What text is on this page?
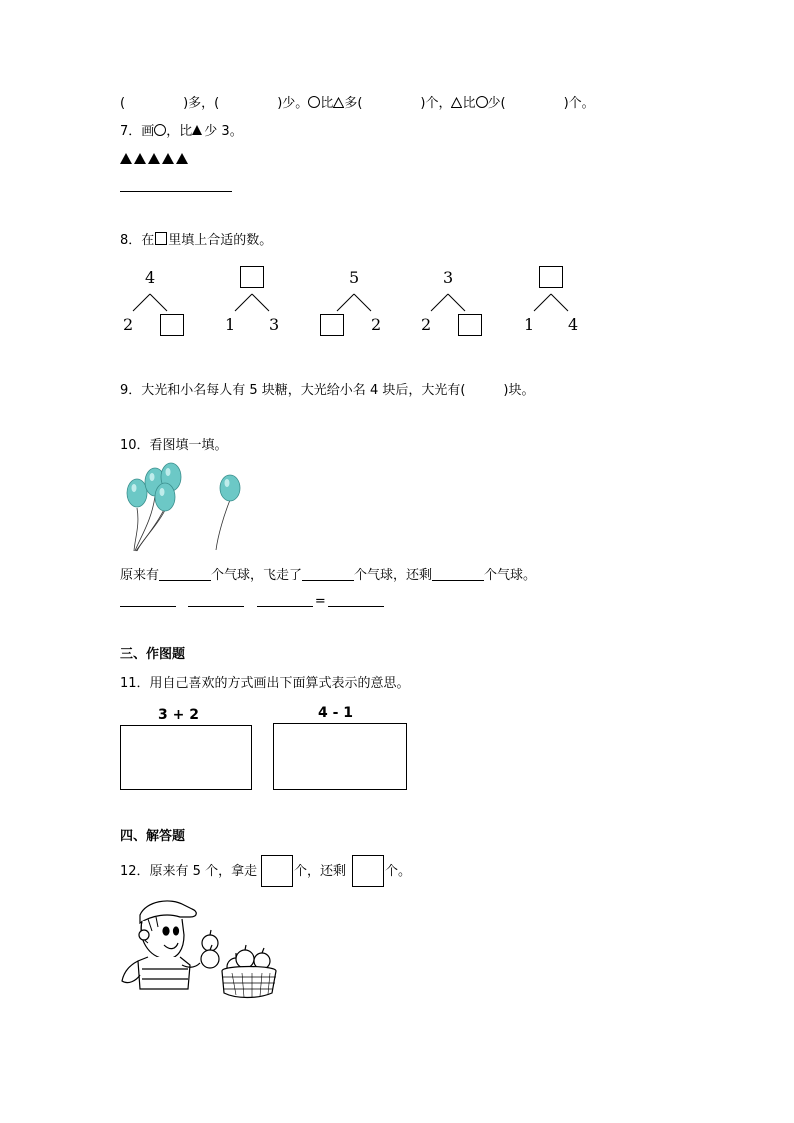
(	)多，(	)少。 比 多(	)个， 比 少(	)个。
7．画 ，比 少 3。
8．在 里填上合适的数。
4
2	1 3
5
2
3
2	1 4
9．大光和小名每人有 5 块糖，大光给小名 4 块后，大光有(	)块。
10．看图填一填。
原来有	个气球，飞走了	个气球，还剩	个气球。
=
三、作图题
11．用自己喜欢的方式画出下面算式表示的意思。
3 + 2	4 - 1
四、解答题
12．原来有 5 个，拿走	个，还剩	个。
